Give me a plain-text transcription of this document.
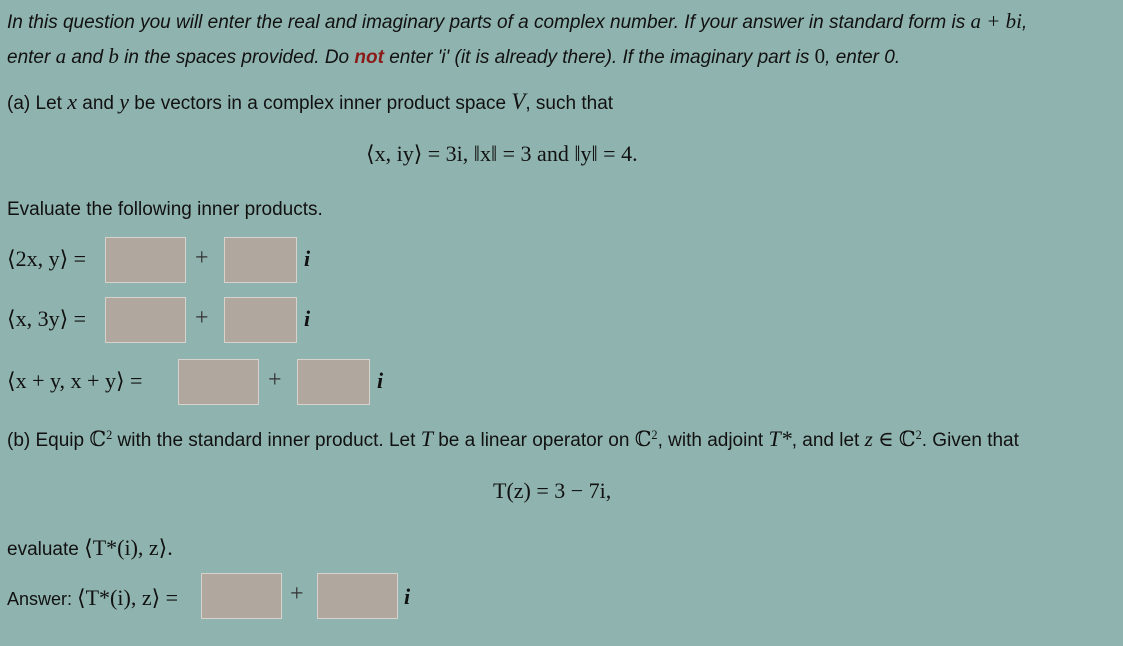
In this question you will enter the real and imaginary parts of a complex number. If your answer in standard form is a + bi,
enter a and b in the spaces provided. Do not enter 'i' (it is already there). If the imaginary part is 0, enter 0.
(a) Let x and y be vectors in a complex inner product space V, such that
⟨x, iy⟩ = 3i, ‖x‖ = 3 and ‖y‖ = 4.
Evaluate the following inner products.
⟨2x, y⟩ =	+	i
⟨x, 3y⟩ =	+	i
⟨x + y, x + y⟩ =	+	i
(b) Equip ℂ$^2$ with the standard inner product. Let T be a linear operator on ℂ$^2$, with adjoint T*, and let z ∈ ℂ$^2$. Given that
T(z) = 3 − 7i,
evaluate ⟨T*(i), z⟩.
Answer: ⟨T*(i), z⟩ =	+	i
